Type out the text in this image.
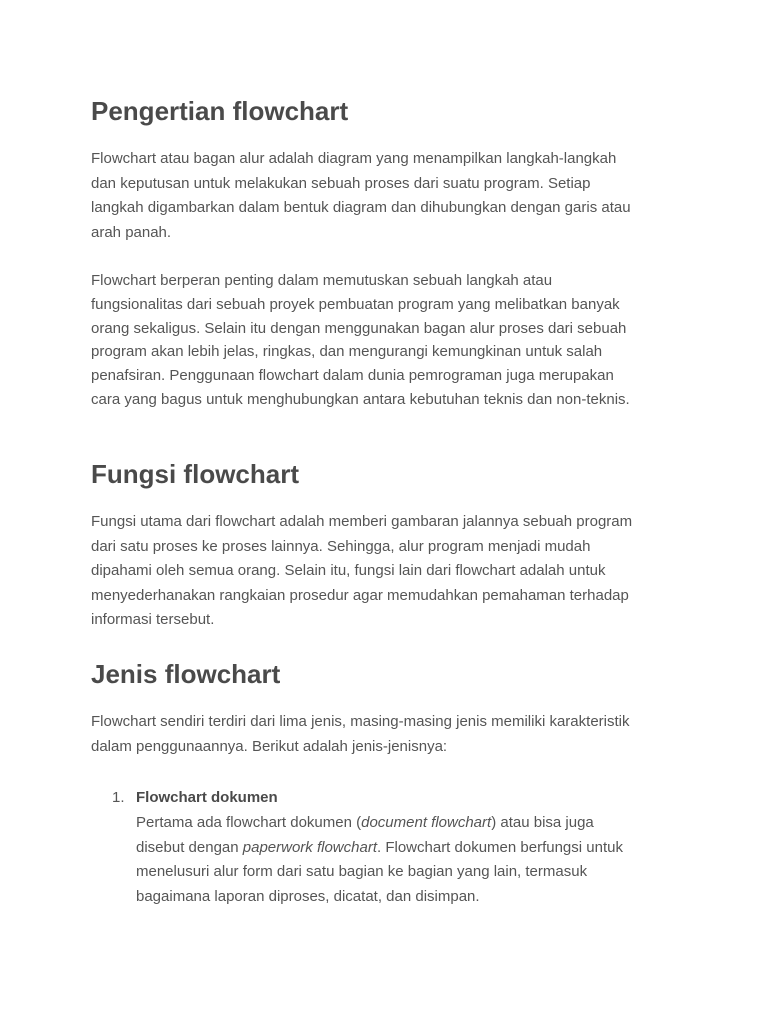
Pengertian flowchart

Flowchart atau bagan alur adalah diagram yang menampilkan langkah-langkah
dan keputusan untuk melakukan sebuah proses dari suatu program. Setiap
langkah digambarkan dalam bentuk diagram dan dihubungkan dengan garis atau
arah panah.

Flowchart berperan penting dalam memutuskan sebuah langkah atau
fungsionalitas dari sebuah proyek pembuatan program yang melibatkan banyak
orang sekaligus. Selain itu dengan menggunakan bagan alur proses dari sebuah
program akan lebih jelas, ringkas, dan mengurangi kemungkinan untuk salah
penafsiran. Penggunaan flowchart dalam dunia pemrograman juga merupakan
cara yang bagus untuk menghubungkan antara kebutuhan teknis dan non-teknis.

Fungsi flowchart

Fungsi utama dari flowchart adalah memberi gambaran jalannya sebuah program
dari satu proses ke proses lainnya. Sehingga, alur program menjadi mudah
dipahami oleh semua orang. Selain itu, fungsi lain dari flowchart adalah untuk
menyederhanakan rangkaian prosedur agar memudahkan pemahaman terhadap
informasi tersebut.

Jenis flowchart

Flowchart sendiri terdiri dari lima jenis, masing-masing jenis memiliki karakteristik
dalam penggunaannya. Berikut adalah jenis-jenisnya:

1. Flowchart dokumen
Pertama ada flowchart dokumen (document flowchart) atau bisa juga
disebut dengan paperwork flowchart. Flowchart dokumen berfungsi untuk
menelusuri alur form dari satu bagian ke bagian yang lain, termasuk
bagaimana laporan diproses, dicatat, dan disimpan.
